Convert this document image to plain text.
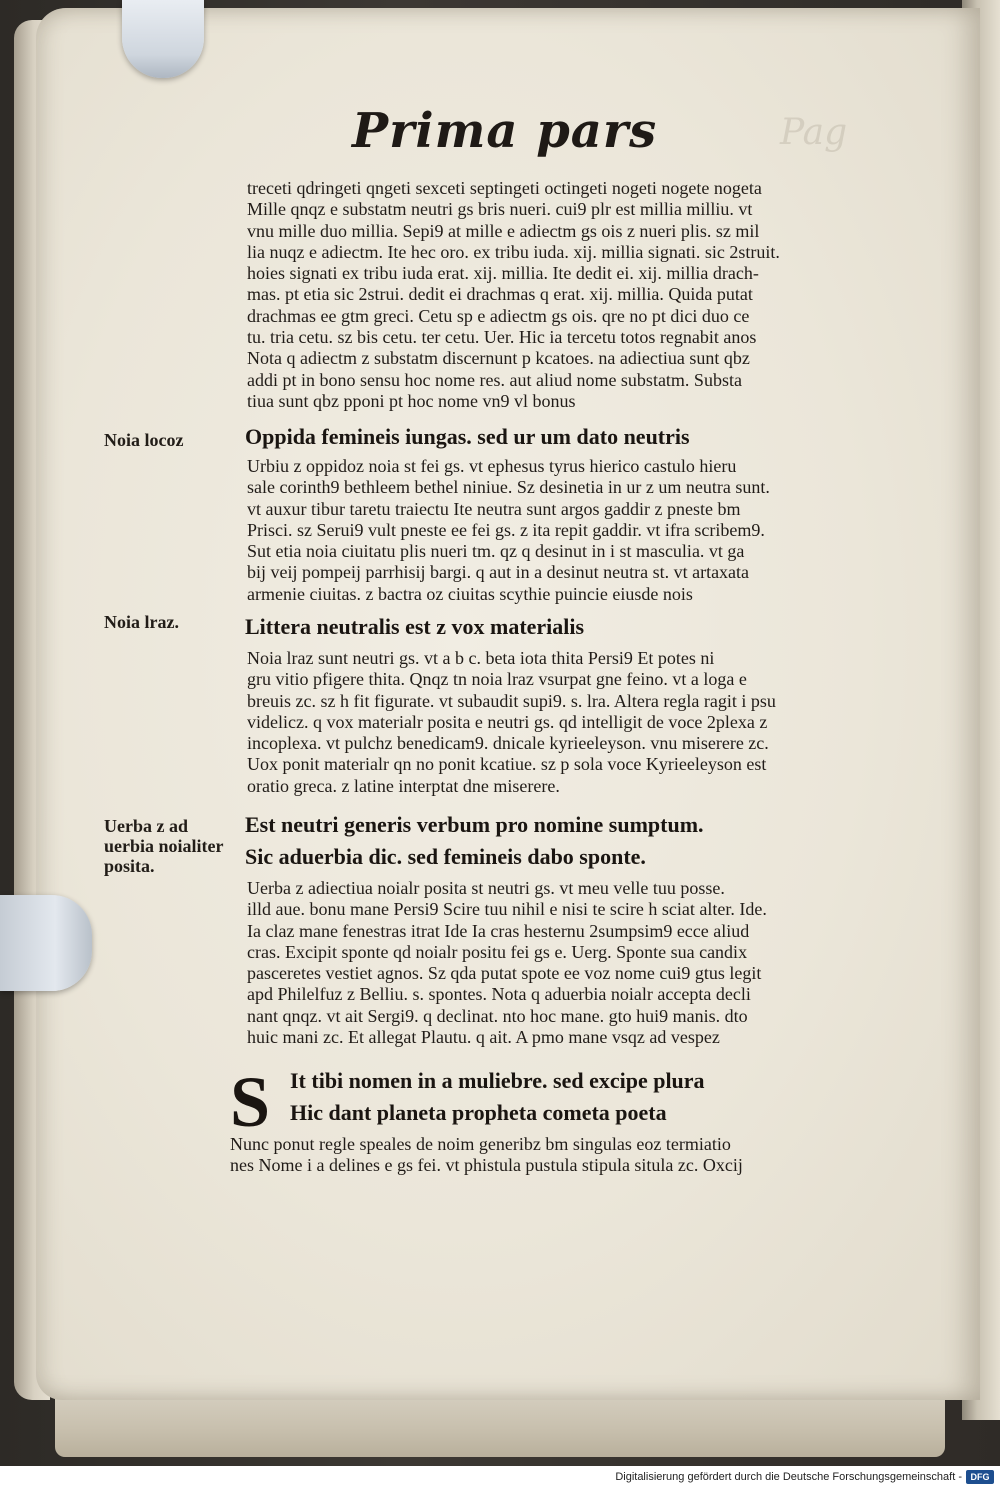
Pag
Prima pars
treceti qdringeti qngeti sexceti septingeti octingeti nogeti nogete nogeta
Mille qnqz e substatm neutri gs bris nueri. cui9 plr est millia milliu. vt
vnu mille duo millia. Sepi9 at mille e adiectm gs ois z nueri plis. sz mil
lia nuqz e adiectm. Ite hec oro. ex tribu iuda. xij. millia signati. sic 2struit.
hoies signati ex tribu iuda erat. xij. millia. Ite dedit ei. xij. millia drach-
mas. pt etia sic 2strui. dedit ei drachmas q erat. xij. millia. Quida putat
drachmas ee gtm greci. Cetu sp e adiectm gs ois. qre no pt dici duo ce
tu. tria cetu. sz bis cetu. ter cetu. Uer. Hic ia tercetu totos regnabit anos
Nota q adiectm z substatm discernunt p kcatoes. na adiectiua sunt qbz
addi pt in bono sensu hoc nome res. aut aliud nome substatm. Substa
tiua sunt qbz pponi pt hoc nome vn9 vl bonus
Noia locoz	Oppida femineis iungas. sed ur um dato neutris
Urbiu z oppidoz noia st fei gs. vt ephesus tyrus hierico castulo hieru
sale corinth9 bethleem bethel niniue. Sz desinetia in ur z um neutra sunt.
vt auxur tibur taretu traiectu Ite neutra sunt argos gaddir z pneste bm
Prisci. sz Serui9 vult pneste ee fei gs. z ita repit gaddir. vt ifra scribem9.
Sut etia noia ciuitatu plis nueri tm. qz q desinut in i st masculia. vt ga
bij veij pompeij parrhisij bargi. q aut in a desinut neutra st. vt artaxata
armenie ciuitas. z bactra oz ciuitas scythie puincie eiusde nois
Noia lraz.	Littera neutralis est z vox materialis
Noia lraz sunt neutri gs. vt a b c. beta iota thita Persi9 Et potes ni
gru vitio pfigere thita. Qnqz tn noia lraz vsurpat gne feino. vt a loga e
breuis zc. sz h fit figurate. vt subaudit supi9. s. lra. Altera regla ragit i psu
videlicz. q vox materialr posita e neutri gs. qd intelligit de voce 2plexa z
incoplexa. vt pulchz benedicam9. dnicale kyrieeleyson. vnu miserere zc.
Uox ponit materialr qn no ponit kcatiue. sz p sola voce Kyrieeleyson est
oratio greca. z latine interptat dne miserere.
Uerba z ad
uerbia noialiter
posita.
Est neutri generis verbum pro nomine sumptum.
Sic aduerbia dic. sed femineis dabo sponte.
Uerba z adiectiua noialr posita st neutri gs. vt meu velle tuu posse.
illd aue. bonu mane Persi9 Scire tuu nihil e nisi te scire h sciat alter. Ide.
Ia claz mane fenestras itrat Ide Ia cras hesternu 2sumpsim9 ecce aliud
cras. Excipit sponte qd noialr positu fei gs e. Uerg. Sponte sua candix
pasceretes vestiet agnos. Sz qda putat spote ee voz nome cui9 gtus legit
apd Philelfuz z Belliu. s. spontes. Nota q aduerbia noialr accepta decli
nant qnqz. vt ait Sergi9. q declinat. nto hoc mane. gto hui9 manis. dto
huic mani zc. Et allegat Plautu. q ait. A pmo mane vsqz ad vespez
S It tibi nomen in a muliebre. sed excipe plura
Hic dant planeta propheta cometa poeta
Nunc ponut regle speales de noim generibz bm singulas eoz termiatio
nes Nome i a delines e gs fei. vt phistula pustula stipula situla zc. Oxcij
Digitalisierung gefördert durch die Deutsche Forschungsgemeinschaft - DFG
